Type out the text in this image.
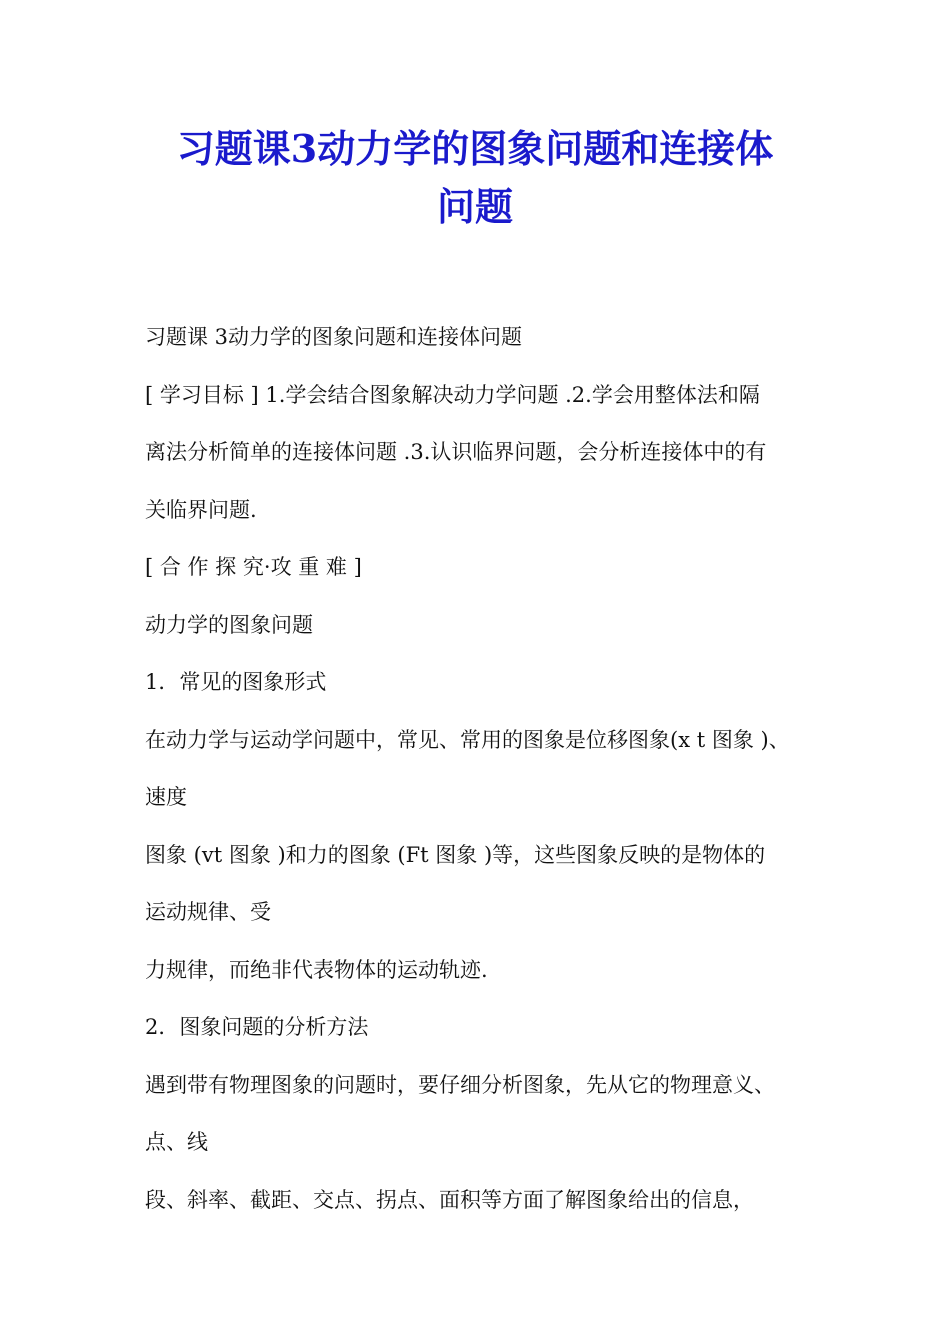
习题课3动力学的图象问题和连接体
问题
习题课 3动力学的图象问题和连接体问题
[ 学习目标 ] 1.学会结合图象解决动力学问题 .2.学会用整体法和隔
离法分析简单的连接体问题 .3.认识临界问题，会分析连接体中的有
关临界问题.
[ 合 作 探 究·攻 重 难 ]
动力学的图象问题
1．常见的图象形式
在动力学与运动学问题中，常见、常用的图象是位移图象(x t 图象 )、
速度
图象 (vt 图象 )和力的图象 (Ft 图象 )等，这些图象反映的是物体的
运动规律、受
力规律，而绝非代表物体的运动轨迹.
2．图象问题的分析方法
遇到带有物理图象的问题时，要仔细分析图象，先从它的物理意义、
点、线
段、斜率、截距、交点、拐点、面积等方面了解图象给出的信息，
